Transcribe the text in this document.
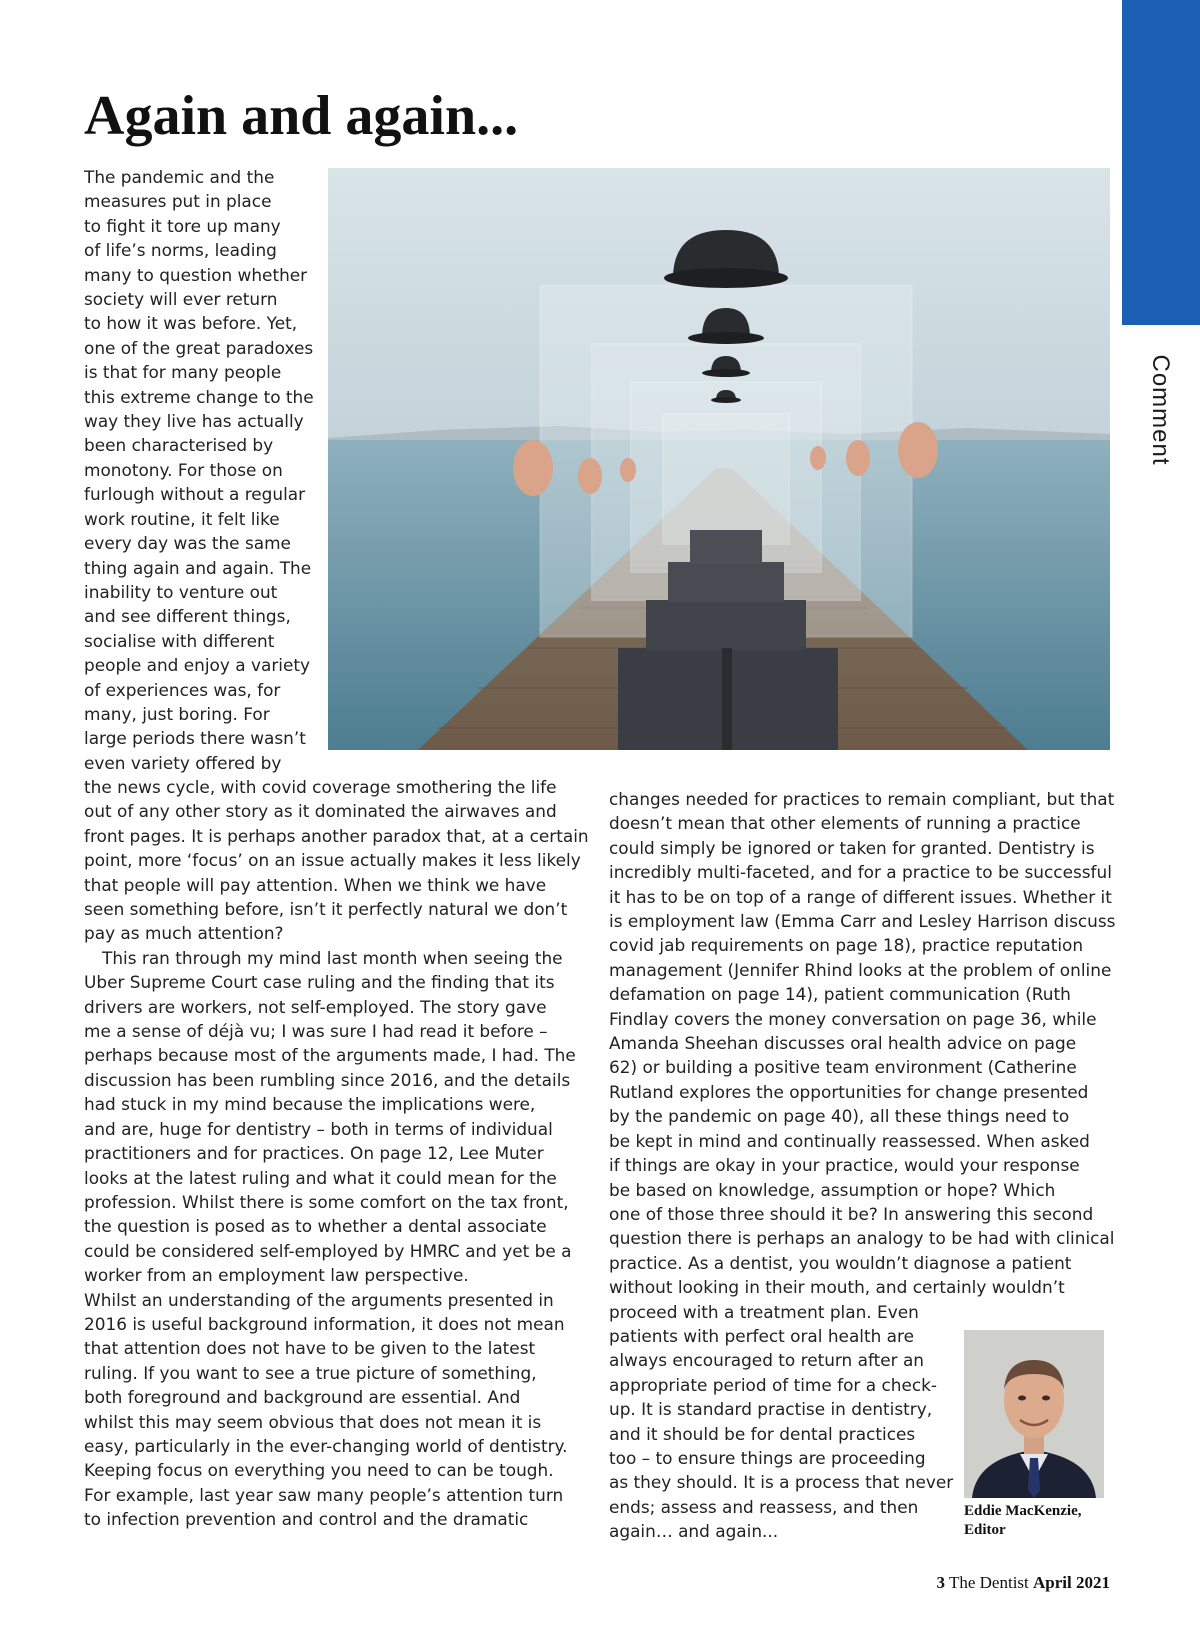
Comment
Again and again...
The pandemic and the
measures put in place
to fight it tore up many
of life’s norms, leading
many to question whether
society will ever return
to how it was before. Yet,
one of the great paradoxes
is that for many people
this extreme change to the
way they live has actually
been characterised by
monotony. For those on
furlough without a regular
work routine, it felt like
every day was the same
thing again and again. The
inability to venture out
and see different things,
socialise with different
people and enjoy a variety
of experiences was, for
many, just boring. For
large periods there wasn’t
even variety offered by
the news cycle, with covid coverage smothering the life
out of any other story as it dominated the airwaves and
front pages. It is perhaps another paradox that, at a certain
point, more ‘focus’ on an issue actually makes it less likely
that people will pay attention. When we think we have
seen something before, isn’t it perfectly natural we don’t
pay as much attention?
This ran through my mind last month when seeing the
Uber Supreme Court case ruling and the finding that its
drivers are workers, not self-employed. The story gave
me a sense of déjà vu; I was sure I had read it before –
perhaps because most of the arguments made, I had. The
discussion has been rumbling since 2016, and the details
had stuck in my mind because the implications were,
and are, huge for dentistry – both in terms of individual
practitioners and for practices. On page 12, Lee Muter
looks at the latest ruling and what it could mean for the
profession. Whilst there is some comfort on the tax front,
the question is posed as to whether a dental associate
could be considered self-employed by HMRC and yet be a
worker from an employment law perspective.
Whilst an understanding of the arguments presented in
2016 is useful background information, it does not mean
that attention does not have to be given to the latest
ruling. If you want to see a true picture of something,
both foreground and background are essential. And
whilst this may seem obvious that does not mean it is
easy, particularly in the ever-changing world of dentistry.
Keeping focus on everything you need to can be tough.
For example, last year saw many people’s attention turn
to infection prevention and control and the dramatic
changes needed for practices to remain compliant, but that
doesn’t mean that other elements of running a practice
could simply be ignored or taken for granted. Dentistry is
incredibly multi-faceted, and for a practice to be successful
it has to be on top of a range of different issues. Whether it
is employment law (Emma Carr and Lesley Harrison discuss
covid jab requirements on page 18), practice reputation
management (Jennifer Rhind looks at the problem of online
defamation on page 14), patient communication (Ruth
Findlay covers the money conversation on page 36, while
Amanda Sheehan discusses oral health advice on page
62) or building a positive team environment (Catherine
Rutland explores the opportunities for change presented
by the pandemic on page 40), all these things need to
be kept in mind and continually reassessed. When asked
if things are okay in your practice, would your response
be based on knowledge, assumption or hope? Which
one of those three should it be? In answering this second
question there is perhaps an analogy to be had with clinical
practice. As a dentist, you wouldn’t diagnose a patient
without looking in their mouth, and certainly wouldn’t
proceed with a treatment plan. Even
patients with perfect oral health are
always encouraged to return after an
appropriate period of time for a check-
up. It is standard practise in dentistry,
and it should be for dental practices
too – to ensure things are proceeding
as they should. It is a process that never
ends; assess and reassess, and then
again… and again...
Eddie MacKenzie,
Editor
3 The Dentist April 2021
